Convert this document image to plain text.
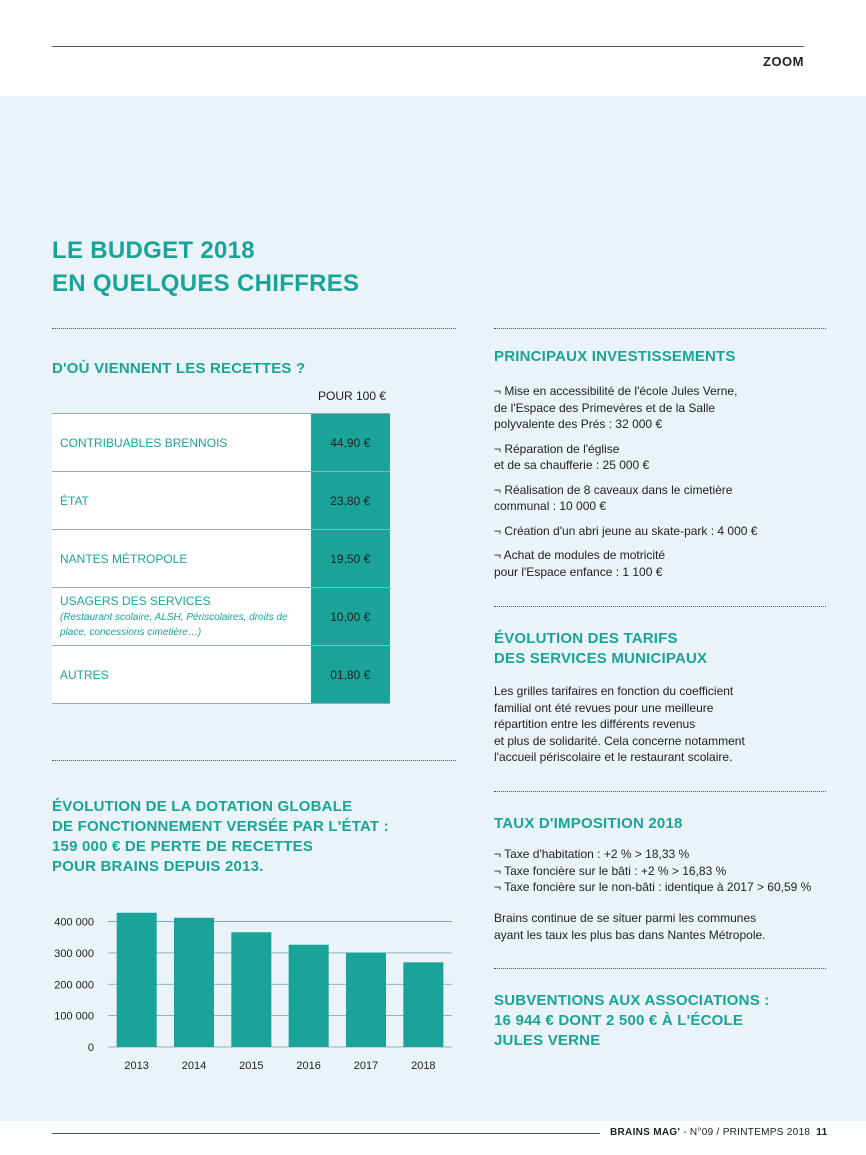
ZOOM
LE BUDGET 2018
EN QUELQUES CHIFFRES
D'OÙ VIENNENT LES RECETTES ?
POUR 100 €
CONTRIBUABLES BRENNOIS	44,90 €
ÉTAT	23,80 €
NANTES MÉTROPOLE	19,50 €
USAGERS DES SERVICES
(Restaurant scolaire, ALSH, Périscolaires, droits de place, concessions cimetière…)	10,00 €
AUTRES	01,80 €
ÉVOLUTION DE LA DOTATION GLOBALE
DE FONCTIONNEMENT VERSÉE PAR L'ÉTAT :
159 000 € DE PERTE DE RECETTES
POUR BRAINS DEPUIS 2013.
0
100 000
200 000
300 000
400 000
2013	2014	2015	2016	2017	2018
PRINCIPAUX INVESTISSEMENTS
¬ Mise en accessibilité de l'école Jules Verne,
de l'Espace des Primevères et de la Salle
polyvalente des Prés : 32 000 €
¬ Réparation de l'église
et de sa chaufferie : 25 000 €
¬ Réalisation de 8 caveaux dans le cimetière
communal : 10 000 €
¬ Création d'un abri jeune au skate-park : 4 000 €
¬ Achat de modules de motricité
pour l'Espace enfance : 1 100 €
ÉVOLUTION DES TARIFS
DES SERVICES MUNICIPAUX
Les grilles tarifaires en fonction du coefficient
familial ont été revues pour une meilleure
répartition entre les différents revenus
et plus de solidarité. Cela concerne notamment
l'accueil périscolaire et le restaurant scolaire.
TAUX D'IMPOSITION 2018
¬ Taxe d'habitation : +2 % > 18,33 %
¬ Taxe foncière sur le bâti : +2 % > 16,83 %
¬ Taxe foncière sur le non-bâti : identique à 2017 > 60,59 %
Brains continue de se situer parmi les communes
ayant les taux les plus bas dans Nantes Métropole.
SUBVENTIONS AUX ASSOCIATIONS :
16 944 € DONT 2 500 € À L'ÉCOLE
JULES VERNE
BRAINS MAG' - N°09 / PRINTEMPS 2018 11
